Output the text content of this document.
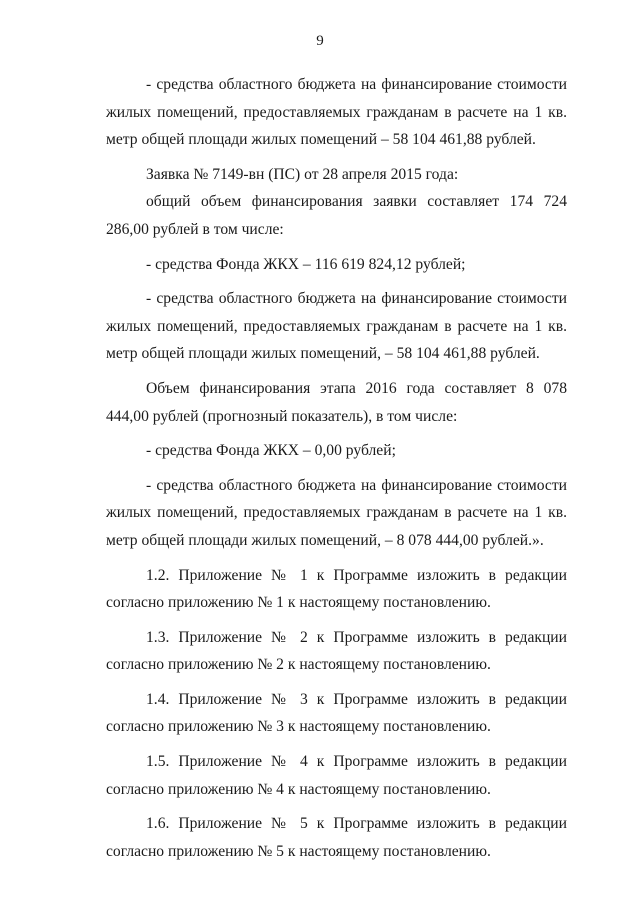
9

- средства областного бюджета на финансирование стоимости жилых помещений, предоставляемых гражданам в расчете на 1 кв. метр общей площади жилых помещений – 58 104 461,88 рублей.

Заявка № 7149-вн (ПС) от 28 апреля 2015 года:

общий объем финансирования заявки составляет 174 724 286,00 рублей в том числе:

- средства Фонда ЖКХ – 116 619 824,12 рублей;

- средства областного бюджета на финансирование стоимости жилых помещений, предоставляемых гражданам в расчете на 1 кв. метр общей площади жилых помещений, – 58 104 461,88 рублей.

Объем финансирования этапа 2016 года составляет 8 078 444,00 рублей (прогнозный показатель), в том числе:

- средства Фонда ЖКХ – 0,00 рублей;

- средства областного бюджета на финансирование стоимости жилых помещений, предоставляемых гражданам в расчете на 1 кв. метр общей площади жилых помещений, – 8 078 444,00 рублей.».

1.2. Приложение № 1 к Программе изложить в редакции согласно приложению № 1 к настоящему постановлению.

1.3. Приложение № 2 к Программе изложить в редакции согласно приложению № 2 к настоящему постановлению.

1.4. Приложение № 3 к Программе изложить в редакции согласно приложению № 3 к настоящему постановлению.

1.5. Приложение № 4 к Программе изложить в редакции согласно приложению № 4 к настоящему постановлению.

1.6. Приложение № 5 к Программе изложить в редакции согласно приложению № 5 к настоящему постановлению.
